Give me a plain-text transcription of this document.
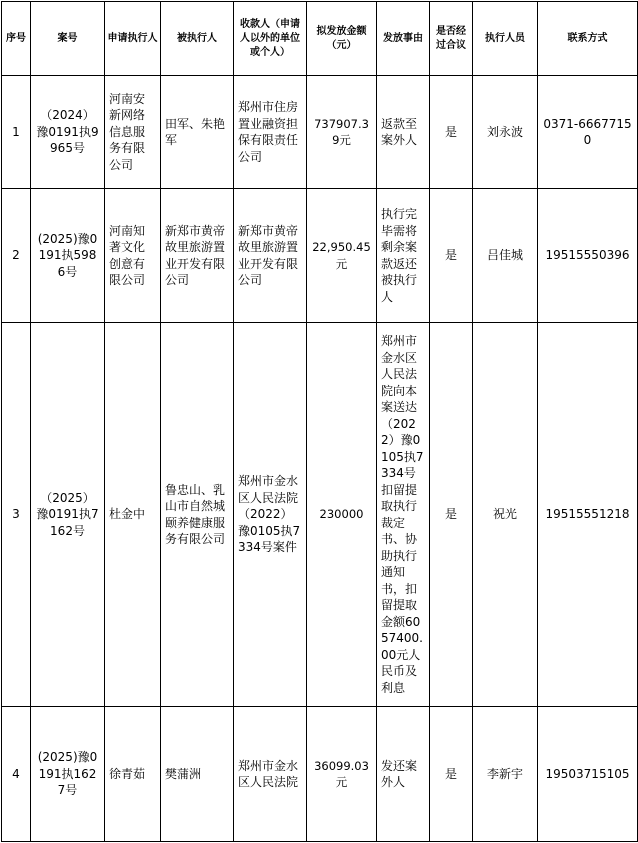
序号	案号	申请执行人	被执行人	收款人（申请人以外的单位或个人）	拟发放金额（元）	发放事由	是否经过合议	执行人员	联系方式
1	（2024）豫0191执9965号	河南安新网络信息服务有限公司	田军、朱艳军	郑州市住房置业融资担保有限责任公司	737907.39元	返款至案外人	是	刘永波	0371-66677150
2	(2025)豫0191执5986号	河南知著文化创意有限公司	新郑市黄帝故里旅游置业开发有限公司	新郑市黄帝故里旅游置业开发有限公司	22,950.45元	执行完毕需将剩余案款返还被执行人	是	吕佳城	19515550396
3	（2025）豫0191执7162号	杜金中	鲁忠山、乳山市自然城颐养健康服务有限公司	郑州市金水区人民法院（2022）豫0105执7334号案件	230000	郑州市金水区人民法院向本案送达（2022）豫0105执7334号扣留提取执行裁定书、协助执行通知书，扣留提取金额6057400.00元人民币及利息	是	祝光	19515551218
4	(2025)豫0191执1627号	徐青茹	樊蒲洲	郑州市金水区人民法院	36099.03元	发还案外人	是	李新宇	19503715105
